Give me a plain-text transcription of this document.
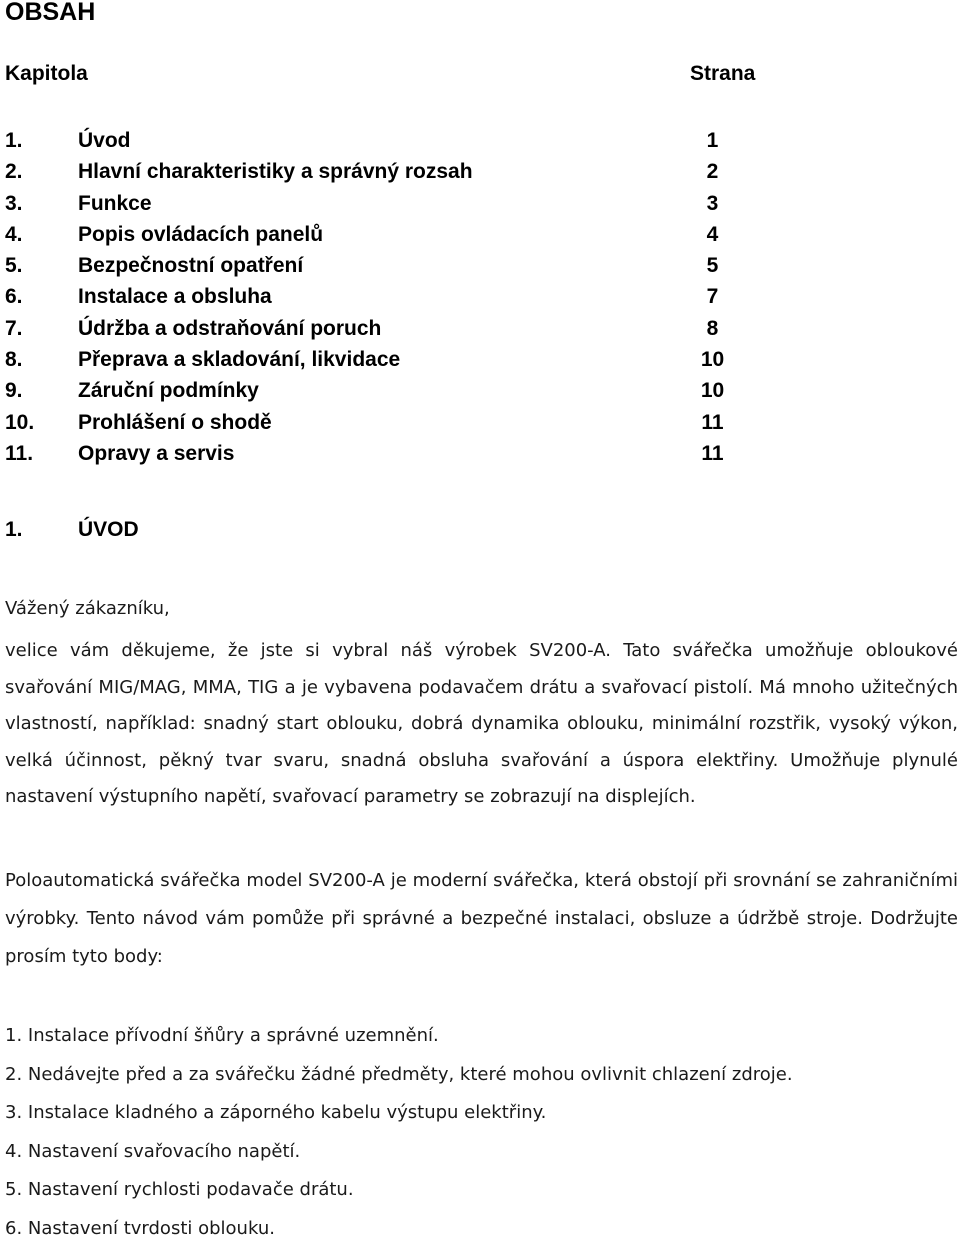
OBSAH
Kapitola	Strana
1.	Úvod	1
2.	Hlavní charakteristiky a správný rozsah	2
3.	Funkce	3
4.	Popis ovládacích panelů	4
5.	Bezpečnostní opatření	5
6.	Instalace a obsluha	7
7.	Údržba a odstraňování poruch	8
8.	Přeprava a skladování, likvidace	10
9.	Záruční podmínky	10
10. Prohlášení o shodě	11
11. Opravy a servis	11
1.	ÚVOD
Vážený zákazníku,
velice vám děkujeme, že jste si vybral náš výrobek SV200-A. Tato svářečka umožňuje obloukové svařování MIG/MAG, MMA, TIG a je vybavena podavačem drátu a svařovací pistolí. Má mnoho užitečných vlastností, například: snadný start oblouku, dobrá dynamika oblouku, minimální rozstřik, vysoký výkon, velká účinnost, pěkný tvar svaru, snadná obsluha svařování a úspora elektřiny. Umožňuje plynulé nastavení výstupního napětí, svařovací parametry se zobrazují na displejích.
Poloautomatická svářečka model SV200-A je moderní svářečka, která obstojí při srovnání se zahraničními výrobky. Tento návod vám pomůže při správné a bezpečné instalaci, obsluze a údržbě stroje. Dodržujte prosím tyto body:
1. Instalace přívodní šňůry a správné uzemnění.
2. Nedávejte před a za svářečku žádné předměty, které mohou ovlivnit chlazení zdroje.
3. Instalace kladného a záporného kabelu výstupu elektřiny.
4. Nastavení svařovacího napětí.
5. Nastavení rychlosti podavače drátu.
6. Nastavení tvrdosti oblouku.
